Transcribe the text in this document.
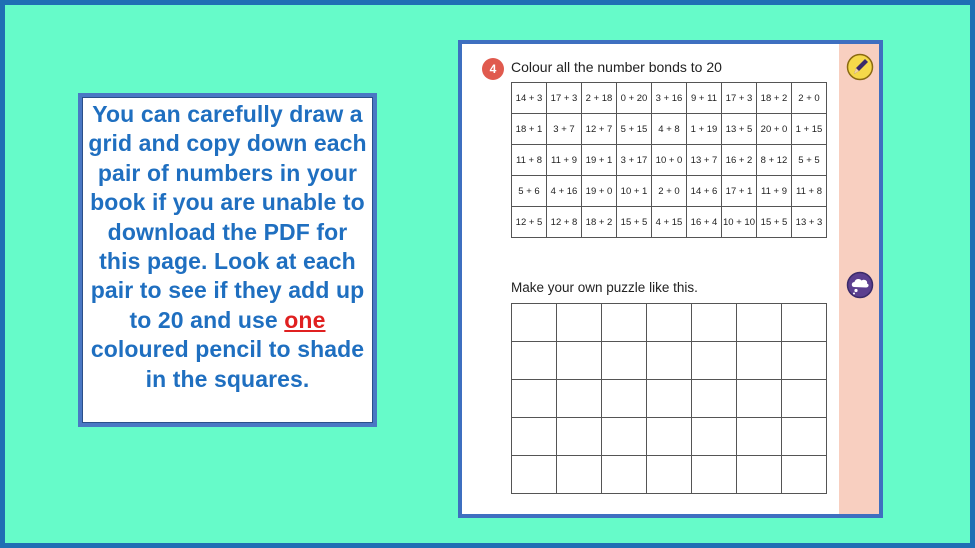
You can carefully draw a grid and copy down each pair of numbers in your book if you are unable to download the PDF for this page. Look at each pair to see if they add up to 20 and use one coloured pencil to shade in the squares.

4	Colour all the number bonds to 20
14 + 3	17 + 3	2 + 18	0 + 20	3 + 16	9 + 11	17 + 3	18 + 2	2 + 0
18 + 1	3 + 7	12 + 7	5 + 15	4 + 8	1 + 19	13 + 5	20 + 0	1 + 15
11 + 8	11 + 9	19 + 1	3 + 17	10 + 0	13 + 7	16 + 2	8 + 12	5 + 5
5 + 6	4 + 16	19 + 0	10 + 1	2 + 0	14 + 6	17 + 1	11 + 9	11 + 8
12 + 5	12 + 8	18 + 2	15 + 5	4 + 15	16 + 4	10 + 10	15 + 5	13 + 3
Make your own puzzle like this.
